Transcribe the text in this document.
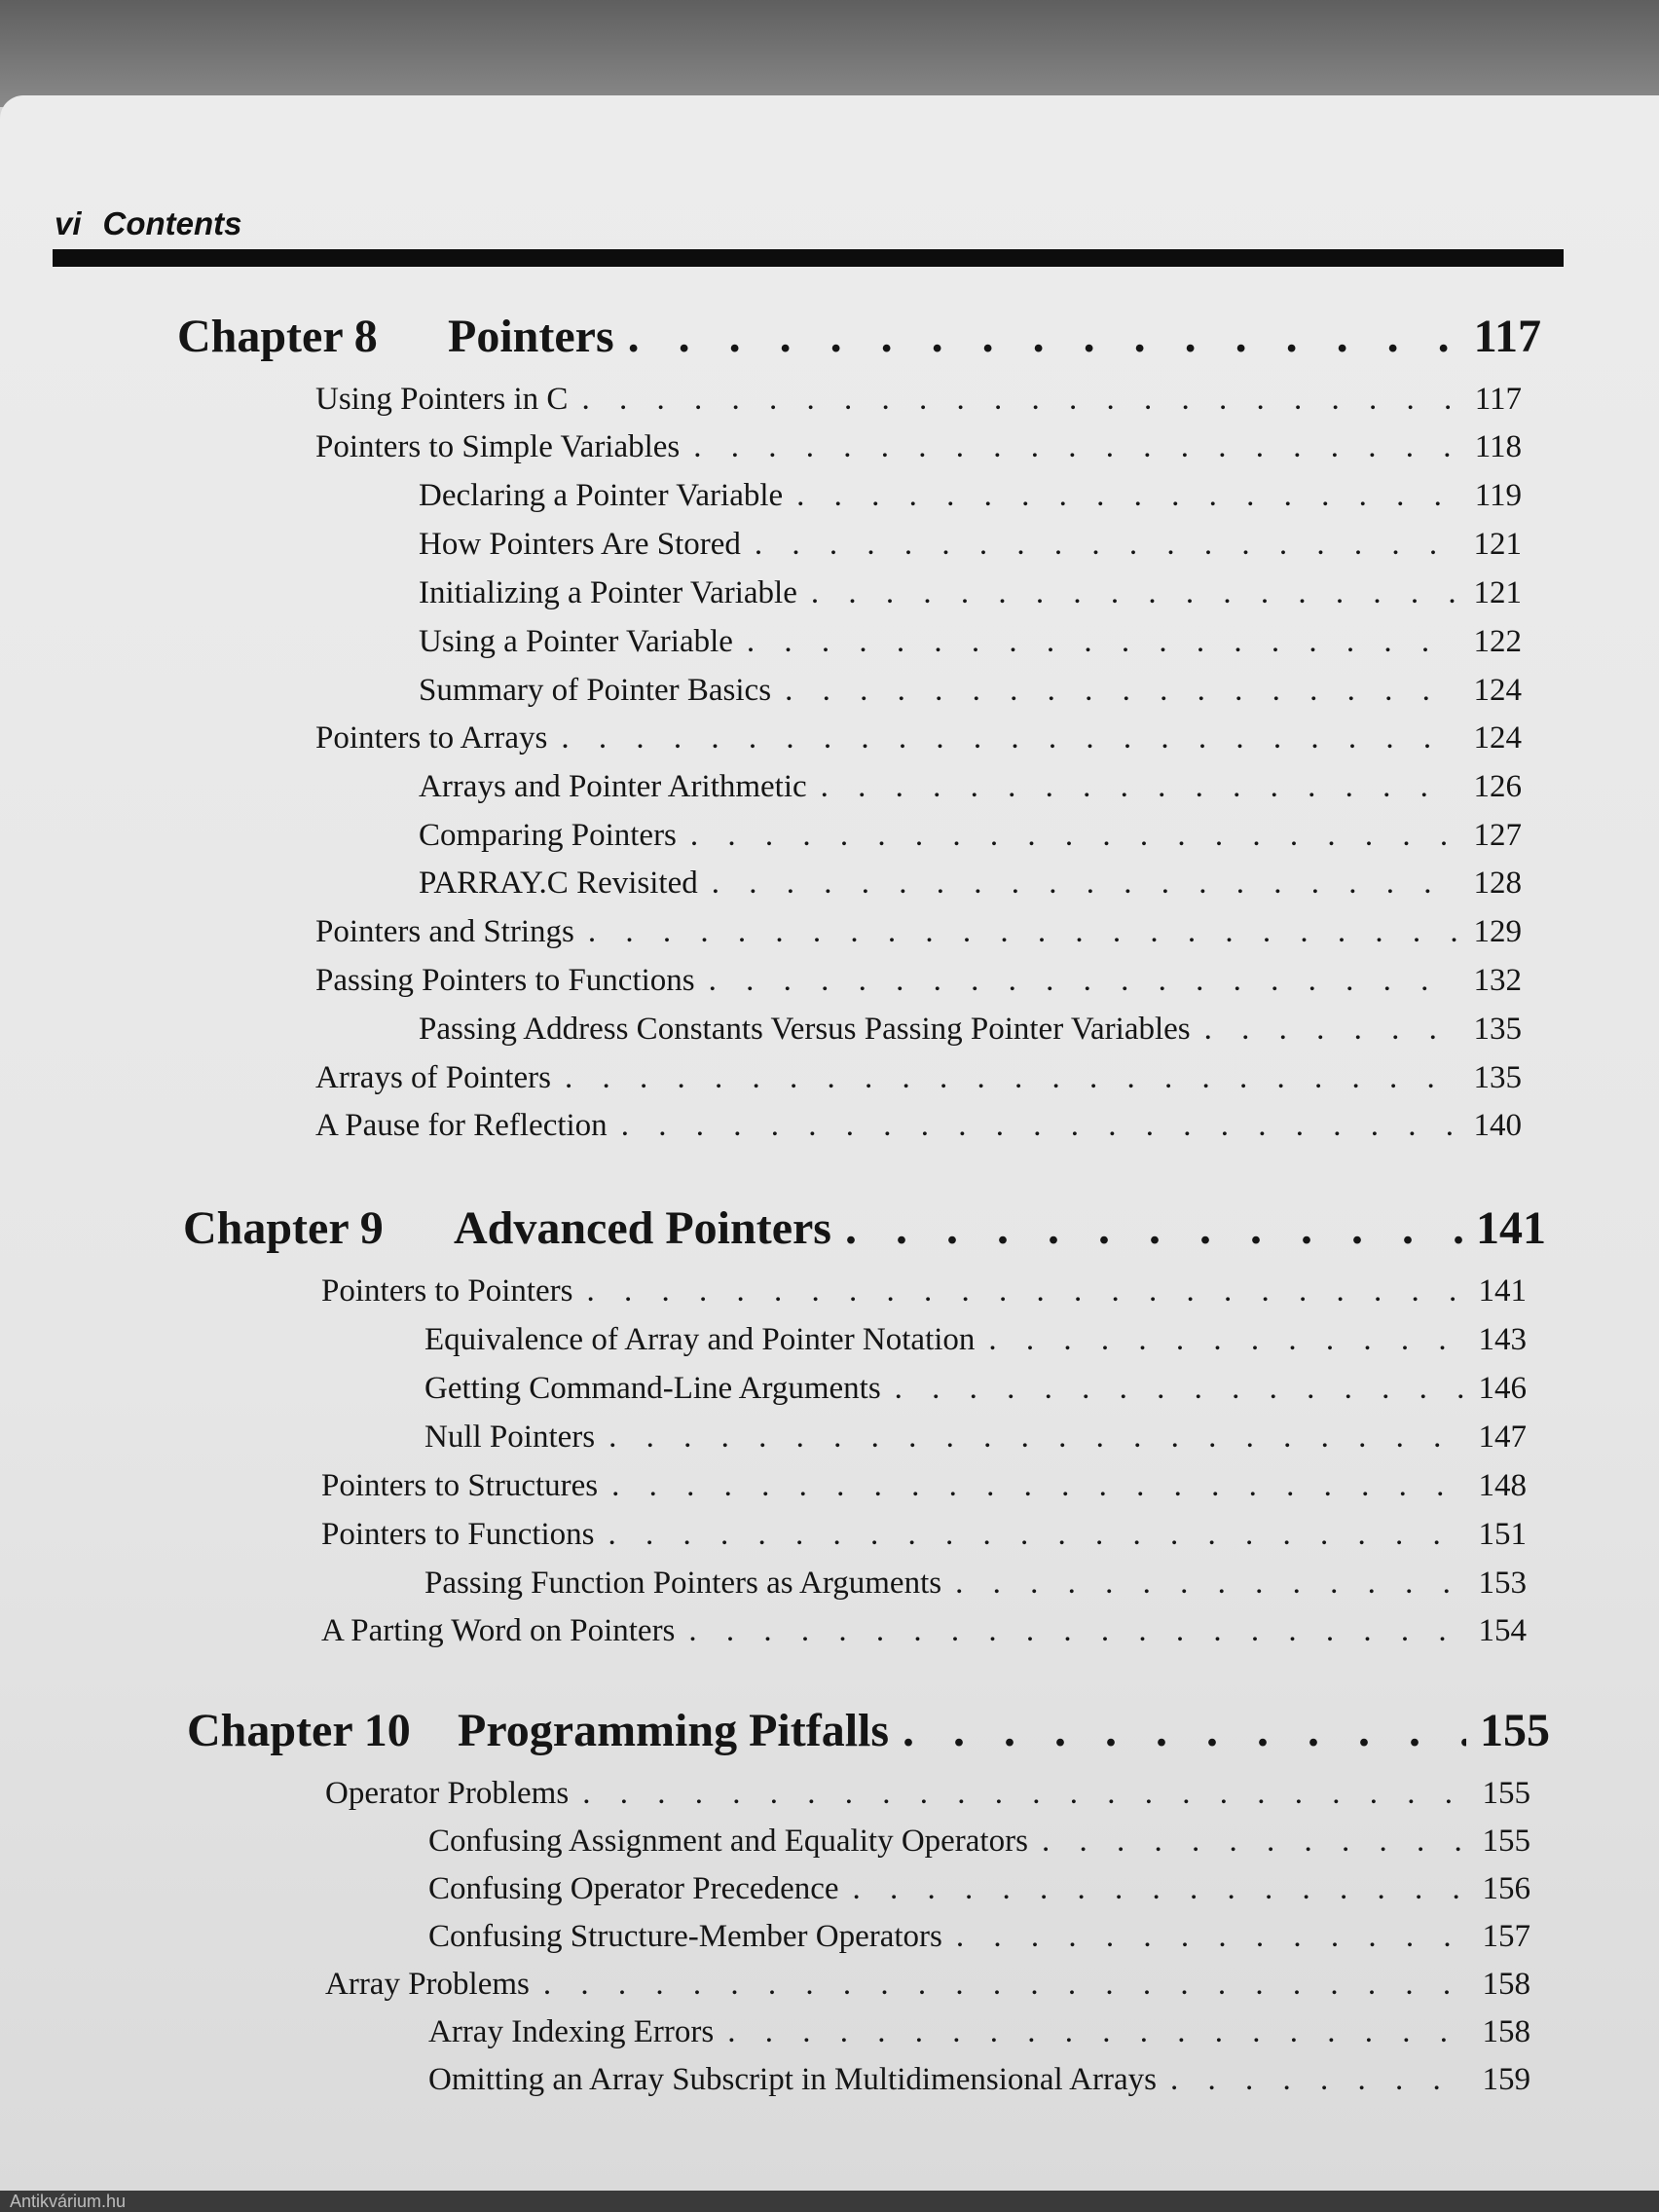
vi Contents
Chapter 8 Pointers . . .	117
Using Pointers in C . . .	117
Pointers to Simple Variables . . .	118
Declaring a Pointer Variable . . .	119
How Pointers Are Stored . . .	121
Initializing a Pointer Variable . . .	121
Using a Pointer Variable . . .	122
Summary of Pointer Basics . . .	124
Pointers to Arrays . . .	124
Arrays and Pointer Arithmetic . . .	126
Comparing Pointers . . .	127
PARRAY.C Revisited . . .	128
Pointers and Strings . . .	129
Passing Pointers to Functions . . .	132
Passing Address Constants Versus Passing Pointer Variables . . .	135
Arrays of Pointers . . .	135
A Pause for Reflection . . .	140
Chapter 9 Advanced Pointers . . .	141
Pointers to Pointers . . .	141
Equivalence of Array and Pointer Notation . . .	143
Getting Command-Line Arguments . . .	146
Null Pointers . . .	147
Pointers to Structures . . .	148
Pointers to Functions . . .	151
Passing Function Pointers as Arguments . . .	153
A Parting Word on Pointers . . .	154
Chapter 10 Programming Pitfalls . . .	155
Operator Problems . . .	155
Confusing Assignment and Equality Operators . . .	155
Confusing Operator Precedence . . .	156
Confusing Structure-Member Operators . . .	157
Array Problems . . .	158
Array Indexing Errors . . .	158
Omitting an Array Subscript in Multidimensional Arrays . . .	159
Antikvárium.hu
